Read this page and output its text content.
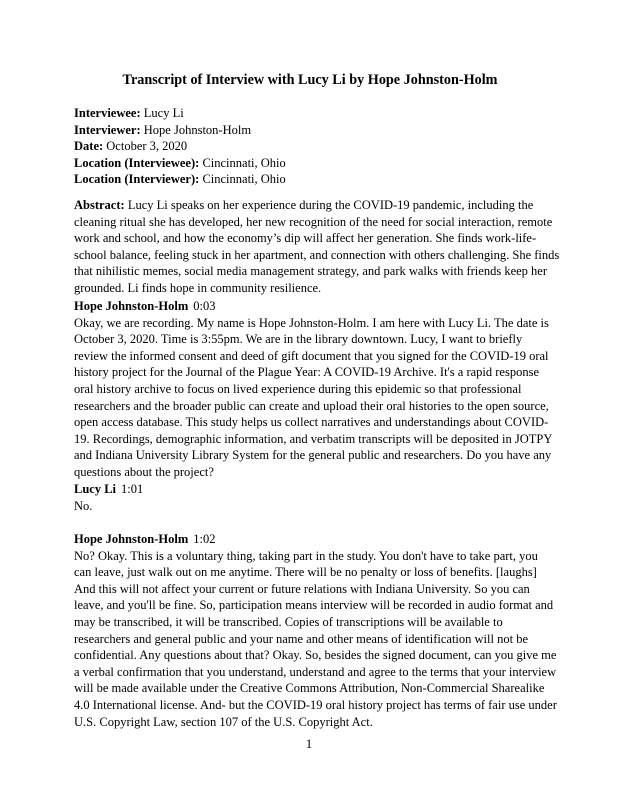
Transcript of Interview with Lucy Li by Hope Johnston-Holm
Interviewee: Lucy Li
Interviewer: Hope Johnston-Holm
Date: October 3, 2020
Location (Interviewee): Cincinnati, Ohio
Location (Interviewer): Cincinnati, Ohio
Abstract: Lucy Li speaks on her experience during the COVID-19 pandemic, including the
cleaning ritual she has developed, her new recognition of the need for social interaction, remote
work and school, and how the economy’s dip will affect her generation. She finds work-life-
school balance, feeling stuck in her apartment, and connection with others challenging. She finds
that nihilistic memes, social media management strategy, and park walks with friends keep her
grounded. Li finds hope in community resilience.
Hope Johnston-Holm 0:03
Okay, we are recording. My name is Hope Johnston-Holm. I am here with Lucy Li. The date is
October 3, 2020. Time is 3:55pm. We are in the library downtown. Lucy, I want to briefly
review the informed consent and deed of gift document that you signed for the COVID-19 oral
history project for the Journal of the Plague Year: A COVID-19 Archive. It's a rapid response
oral history archive to focus on lived experience during this epidemic so that professional
researchers and the broader public can create and upload their oral histories to the open source,
open access database. This study helps us collect narratives and understandings about COVID-
19. Recordings, demographic information, and verbatim transcripts will be deposited in JOTPY
and Indiana University Library System for the general public and researchers. Do you have any
questions about the project?
Lucy Li 1:01
No.
Hope Johnston-Holm 1:02
No? Okay. This is a voluntary thing, taking part in the study. You don't have to take part, you
can leave, just walk out on me anytime. There will be no penalty or loss of benefits. [laughs]
And this will not affect your current or future relations with Indiana University. So you can
leave, and you'll be fine. So, participation means interview will be recorded in audio format and
may be transcribed, it will be transcribed. Copies of transcriptions will be available to
researchers and general public and your name and other means of identification will not be
confidential. Any questions about that? Okay. So, besides the signed document, can you give me
a verbal confirmation that you understand, understand and agree to the terms that your interview
will be made available under the Creative Commons Attribution, Non-Commercial Sharealike
4.0 International license. And- but the COVID-19 oral history project has terms of fair use under
U.S. Copyright Law, section 107 of the U.S. Copyright Act.
1
